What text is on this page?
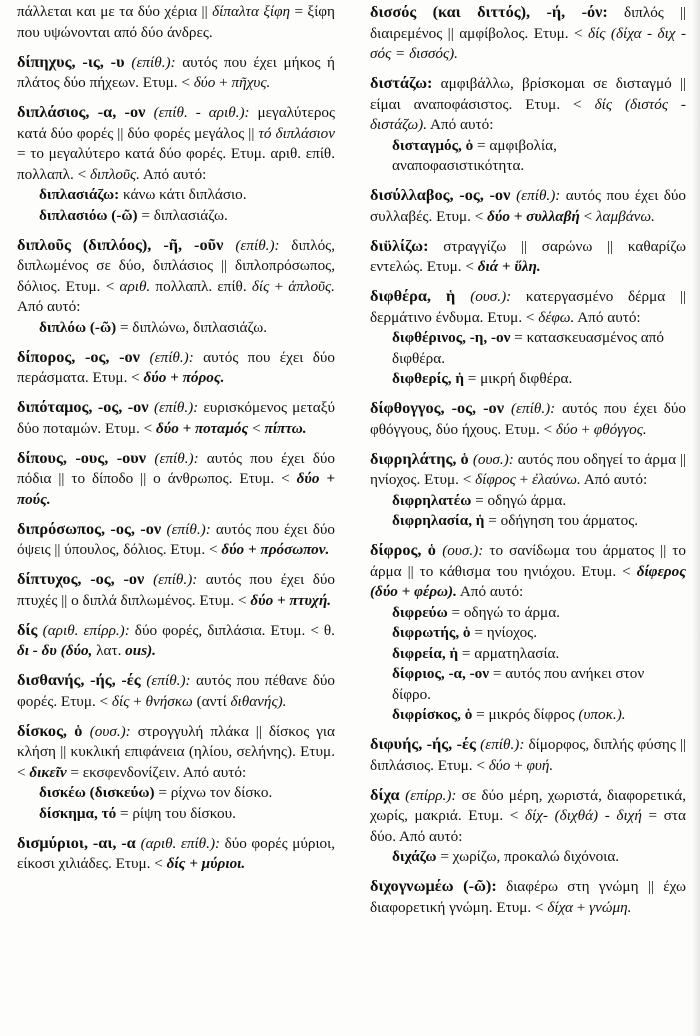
πάλλεται και με τα δύο χέρια || δίπαλτα ξίφη = ξίφη που υψώνονται από δύο άνδρες.
δίπηχυς, -ις, -υ (επίθ.): αυτός που έχει μήκος ή πλάτος δύο πήχεων. Ετυμ. < δύο + πῆχυς.
διπλάσιος, -α, -ον (επίθ. - αριθ.): μεγαλύτερος κατά δύο φορές || δύο φορές μεγάλος || τό διπλάσιον = το μεγαλύτερο κατά δύο φορές. Ετυμ. αριθ. επίθ. πολλαπλ. < διπλοῦς. Από αυτό:
διπλασιάζω: κάνω κάτι διπλάσιο.
διπλασιόω (-ῶ) = διπλασιάζω.
διπλοῦς (διπλόος), -ῆ, -οῦν (επίθ.): διπλός, διπλωμένος σε δύο, διπλάσιος || διπλοπρόσωπος, δόλιος. Ετυμ. < αριθ. πολλαπλ. επίθ. δίς + ἁπλοῦς. Από αυτό:
διπλόω (-ῶ) = διπλώνω, διπλασιάζω.
δίπορος, -ος, -ον (επίθ.): αυτός που έχει δύο περάσματα. Ετυμ. < δύο + πόρος.
διπόταμος, -ος, -ον (επίθ.): ευρισκόμενος μεταξύ δύο ποταμών. Ετυμ. < δύο + ποταμός < πίπτω.
δίπους, -ους, -ουν (επίθ.): αυτός που έχει δύο πόδια || το δίποδο || ο άνθρωπος. Ετυμ. < δύο + πούς.
διπρόσωπος, -ος, -ον (επίθ.): αυτός που έχει δύο όψεις || ύπουλος, δόλιος. Ετυμ. < δύο + πρόσωπον.
δίπτυχος, -ος, -ον (επίθ.): αυτός που έχει δύο πτυχές || ο διπλά διπλωμένος. Ετυμ. < δύο + πτυχή.
δίς (αριθ. επίρρ.): δύο φορές, διπλάσια. Ετυμ. < θ. δι - δυ (δύο, λατ. ous).
δισθανής, -ής, -ές (επίθ.): αυτός που πέθανε δύο φορές. Ετυμ. < δίς + θνήσκω (αντί διθανής).
δίσκος, ὁ (ουσ.): στρογγυλή πλάκα || δίσκος για κλήση || κυκλική επιφάνεια (ηλίου, σελήνης). Ετυμ. < δικεῖν = εκσφενδονίζειν. Από αυτό:
δισκέω (δισκεύω) = ρίχνω τον δίσκο.
δίσκημα, τό = ρίψη του δίσκου.
δισμύριοι, -αι, -α (αριθ. επίθ.): δύο φορές μύριοι, είκοσι χιλιάδες. Ετυμ. < δίς + μύριοι.
δισσός (και διττός), -ή, -όν: διπλός || διαιρεμένος || αμφίβολος. Ετυμ. < δίς (δίχα - διχ - σός = δισσός).
διστάζω: αμφιβάλλω, βρίσκομαι σε δισταγμό || είμαι αναποφάσιστος. Ετυμ. < δίς (διστός - διστάζω). Από αυτό:
δισταγμός, ὁ = αμφιβολία, αναποφασιστικότητα.
δισύλλαβος, -ος, -ον (επίθ.): αυτός που έχει δύο συλλαβές. Ετυμ. < δύο + συλλαβή < λαμβάνω.
διϋλίζω: στραγγίζω || σαρώνω || καθαρίζω εντελώς. Ετυμ. < διά + ὕλη.
διφθέρα, ἡ (ουσ.): κατεργασμένο δέρμα || δερμάτινο ένδυμα. Ετυμ. < δέφω. Από αυτό:
διφθέρινος, -η, -ον = κατασκευασμένος από διφθέρα.
διφθερίς, ἡ = μικρή διφθέρα.
δίφθογγος, -ος, -ον (επίθ.): αυτός που έχει δύο φθόγγους, δύο ήχους. Ετυμ. < δύο + φθόγγος.
διφρηλάτης, ὁ (ουσ.): αυτός που οδηγεί το άρμα || ηνίοχος. Ετυμ. < δίφρος + ἐλαύνω. Από αυτό:
διφρηλατέω = οδηγώ άρμα.
διφρηλασία, ἡ = οδήγηση του άρματος.
δίφρος, ὁ (ουσ.): το σανίδωμα του άρματος || το άρμα || το κάθισμα του ηνιόχου. Ετυμ. < δίφερος (δύο + φέρω). Από αυτό:
διφρεύω = οδηγώ το άρμα.
διφρωτής, ὁ = ηνίοχος.
διφρεία, ἡ = αρματηλασία.
δίφριος, -α, -ον = αυτός που ανήκει στον δίφρο.
διφρίσκος, ὁ = μικρός δίφρος (υποκ.).
διφυής, -ής, -ές (επίθ.): δίμορφος, διπλής φύσης || διπλάσιος. Ετυμ. < δύο + φυή.
δίχα (επίρρ.): σε δύο μέρη, χωριστά, διαφορετικά, χωρίς, μακριά. Ετυμ. < δίχ- (διχθά) - διχή = στα δύο. Από αυτό:
διχάζω = χωρίζω, προκαλώ διχόνοια.
διχογνωμέω (-ῶ): διαφέρω στη γνώμη || έχω διαφορετική γνώμη. Ετυμ. < δίχα + γνώμη.
